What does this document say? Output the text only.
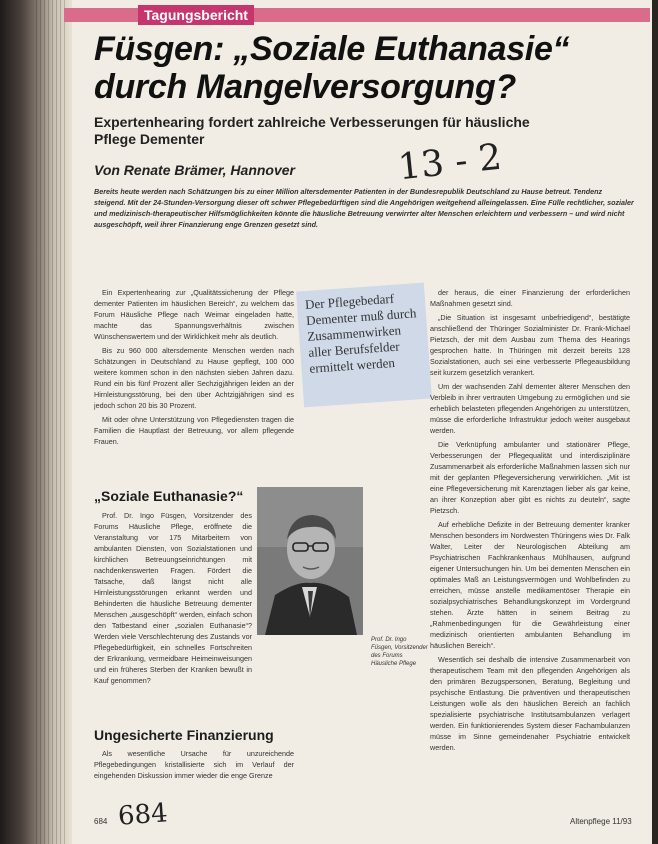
Tagungsbericht
Füsgen: „Soziale Euthanasie“
durch Mangelversorgung?
Expertenhearing fordert zahlreiche Verbesserungen für häusliche Pflege Dementer
Von Renate Brämer, Hannover	13 - 2
Bereits heute werden nach Schätzungen bis zu einer Million altersdementer Patienten in der Bundesrepublik Deutschland zu Hause betreut. Tendenz steigend. Mit der 24-Stunden-Versorgung dieser oft schwer Pflegebedürftigen sind die Angehörigen weitgehend alleingelassen. Eine Fülle rechtlicher, sozialer und medizinisch-therapeutischer Hilfsmöglichkeiten könnte die häusliche Betreuung verwirrter alter Menschen erleichtern und verbessern – und wird nicht ausgeschöpft, weil ihrer Finanzierung enge Grenzen gesetzt sind.

Ein Expertenhearing zur „Qualitätssicherung der Pflege dementer Patienten im häuslichen Bereich“, zu welchem das Forum Häusliche Pflege nach Weimar eingeladen hatte, machte das Spannungsverhältnis zwischen Wünschenswertem und der Wirklichkeit mehr als deutlich.

Bis zu 960 000 altersdemente Menschen werden nach Schätzungen in Deutschland zu Hause gepflegt, 100 000 weitere kommen schon in den nächsten sieben Jahren dazu. Rund ein bis fünf Prozent aller Sechzigjährigen leiden an der Hirnleistungsstörung, bei den über Achtzigjährigen sind es jedoch schon 20 bis 30 Prozent.

Mit oder ohne Unterstützung von Pflegediensten tragen die Familien die Hauptlast der Betreuung, vor allem pflegende Frauen.

Der Pflegebedarf Dementer muß durch Zusammenwirken aller Berufsfelder ermittelt werden
„Soziale Euthanasie?“

Prof. Dr. Ingo Füsgen, Vorsitzender des Forums Häusliche Pflege, eröffnete die Veranstaltung vor 175 Mitarbeitern von ambulanten Diensten, von Sozialstationen und kirchlichen Betreuungseinrichtungen mit nachdenkenswerten Fragen. Fördert die Tatsache, daß längst nicht alle Hirnleistungsstörungen erkannt werden und Behinderten die häusliche Betreuung dementer Menschen „ausgeschöpft“ werden, einfach schon den Tatbestand einer „sozialen Euthanasie“? Werden viele Verschlechterung des Zustands vor Pflegebedürftigkeit, ein schnelles Fortschreiten der Erkrankung, vermeidbare Heimeinweisungen und ein früheres Sterben der Kranken bewußt in Kauf genommen?

Prof. Dr. Ingo Füsgen, Vorsitzender des Forums Häusliche Pflege
Ungesicherte Finanzierung

Als wesentliche Ursache für unzureichende Pflegebedingungen kristallisierte sich im Verlauf der eingehenden Diskussion immer wieder die enge Grenze

der heraus, die einer Finanzierung der erforderlichen Maßnahmen gesetzt sind.

„Die Situation ist insgesamt unbefriedigend“, bestätigte anschließend der Thüringer Sozialminister Dr. Frank-Michael Pietzsch, der mit dem Ausbau zum Thema des Hearings gesprochen hatte. In Thüringen mit derzeit bereits 128 Sozialstationen, auch sei eine verbesserte Pflegeausbildung seit kurzem gesetzlich verankert.

Um der wachsenden Zahl dementer älterer Menschen den Verbleib in ihrer vertrauten Umgebung zu ermöglichen und sie erheblich belasteten pflegenden Angehörigen zu unterstützen, müsse die erforderliche Infrastruktur jedoch weiter ausgebaut werden.

Die Verknüpfung ambulanter und stationärer Pflege, Verbesserungen der Pflegequalität und interdisziplinäre Zusammenarbeit als erforderliche Maßnahmen lassen sich nur mit der geplanten Pflegeversicherung verwirklichen. „Mit ist eine Pflegeversicherung mit Karenztagen lieber als gar keine, an ihrer Konzeption aber gibt es nichts zu deuteln“, sagte Pietzsch.

Auf erhebliche Defizite in der Betreuung dementer kranker Menschen besonders im Nordwesten Thüringens wies Dr. Falk Walter, Leiter der Neurologischen Abteilung am Psychiatrischen Fachkrankenhaus Mühlhausen, aufgrund eigener Untersuchungen hin. Um bei dementen Menschen ein optimales Maß an Leistungsvermögen und Wohlbefinden zu erreichen, müsse anstelle medikamentöser Therapie ein sozialpsychiatrisches Behandlungskonzept im Vordergrund stehen. Ärzte hätten in seinem Beitrag zu „Rahmenbedingungen für die Gewährleistung einer medizinisch orientierten ambulanten Behandlung im häuslichen Bereich“.

Wesentlich sei deshalb die intensive Zusammenarbeit von therapeutischem Team mit den pflegenden Angehörigen als den primären Bezugspersonen, Beratung, Begleitung und psychische Entlastung. Die präventiven und therapeutischen Leistungen wolle als den häuslichen Bereich an fachlich spezialisierte psychiatrische Institutsambulanzen verlagert werden. Ein funktionierendes System dieser Fachambulanzen müsse im Sinne gemeindenaher Psychiatrie entwickelt werden.

684 684	Altenpflege 11/93
